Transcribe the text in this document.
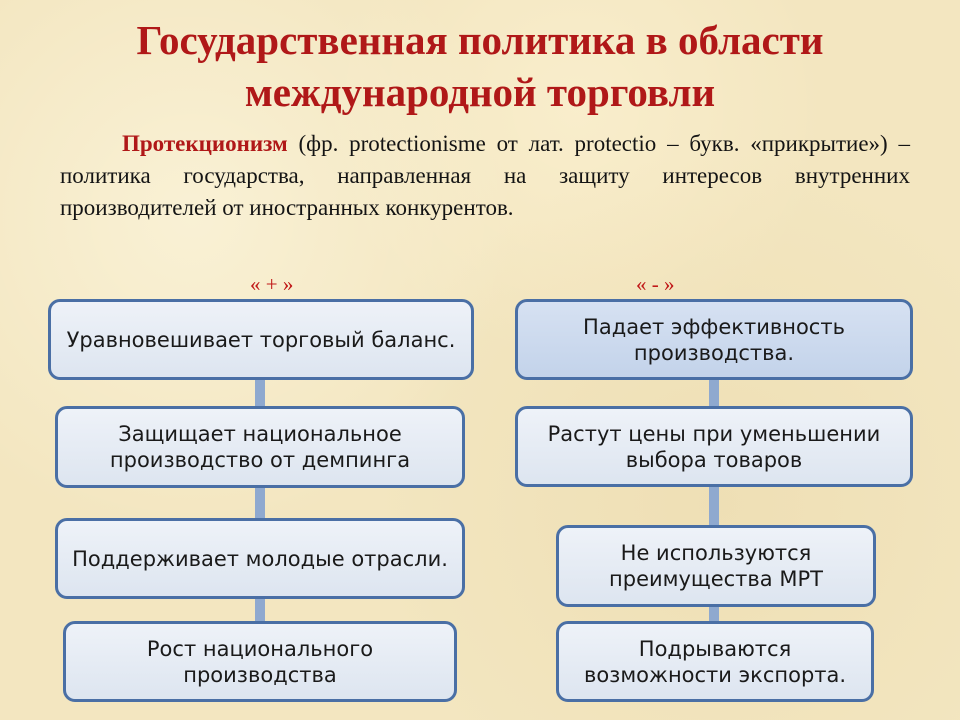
Государственная политика в области
международной торговли
Протекционизм (фр. protectionisme от лат. protectio – букв. «прикрытие») – политика государства, направленная на защиту интересов внутренних производителей от иностранных конкурентов.
« + »	« - »
Уравновешивает торговый баланс.
Защищает национальное производство от демпинга
Поддерживает молодые отрасли.
Рост национального производства
Падает эффективность производства.
Растут цены при уменьшении выбора товаров
Не используются преимущества МРТ
Подрываются возможности экспорта.
